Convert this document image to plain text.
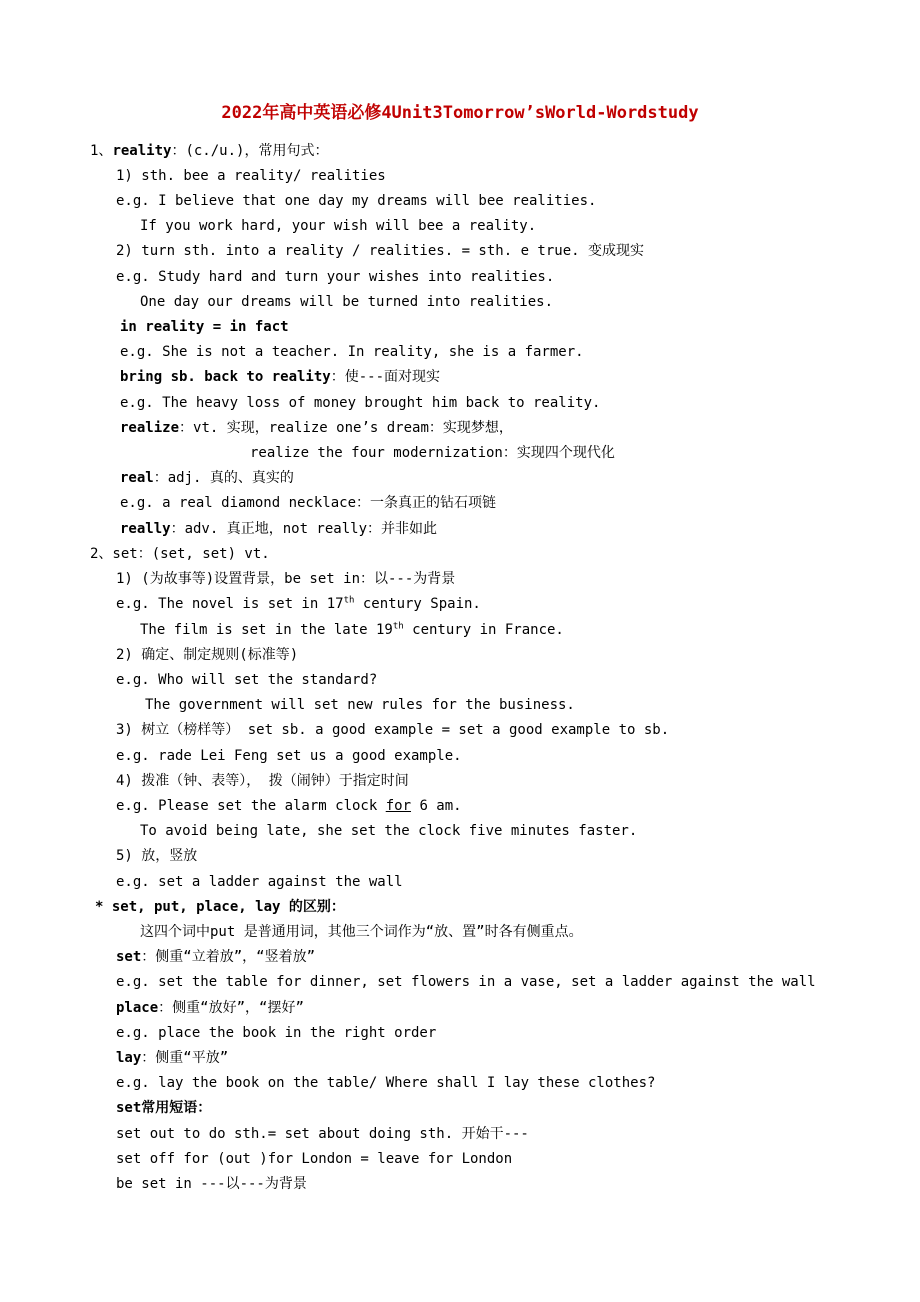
2022年高中英语必修4Unit3Tomorrow’sWorld-Wordstudy
1、reality：(c./u.)，常用句式：
1) sth. bee a reality/ realities
e.g. I believe that one day my dreams will bee realities.
If you work hard, your wish will bee a reality.
2) turn sth. into a reality / realities. = sth. e true. 变成现实
e.g. Study hard and turn your wishes into realities.
One day our dreams will be turned into realities.
in reality = in fact
e.g. She is not a teacher. In reality, she is a farmer.
bring sb. back to reality：使---面对现实
e.g. The heavy loss of money brought him back to reality.
realize：vt. 实现，realize one’s dream：实现梦想，
realize the four modernization：实现四个现代化
real：adj. 真的、真实的
e.g. a real diamond necklace：一条真正的钻石项链
really：adv. 真正地，not really：并非如此
2、set：(set, set) vt.
1) (为故事等)设置背景，be set in：以---为背景
e.g. The novel is set in 17th century Spain.
The film is set in the late 19th century in France.
2) 确定、制定规则(标准等)
e.g. Who will set the standard?
The government will set new rules for the business.
3) 树立（榜样等） set sb. a good example = set a good example to sb.
e.g. rade Lei Feng set us a good example.
4) 拨准（钟、表等）， 拨（闹钟）于指定时间
e.g. Please set the alarm clock for 6 am.
To avoid being late, she set the clock five minutes faster.
5) 放，竖放
e.g. set a ladder against the wall
* set, put, place, lay 的区别：
这四个词中put 是普通用词，其他三个词作为“放、置”时各有侧重点。
set：侧重“立着放”，“竖着放”
e.g. set the table for dinner, set flowers in a vase, set a ladder against the wall
place：侧重“放好”，“摆好”
e.g. place the book in the right order
lay：侧重“平放”
e.g. lay the book on the table/ Where shall I lay these clothes?
set常用短语：
set out to do sth.= set about doing sth. 开始干---
set off for (out )for London = leave for London
be set in ---以---为背景
